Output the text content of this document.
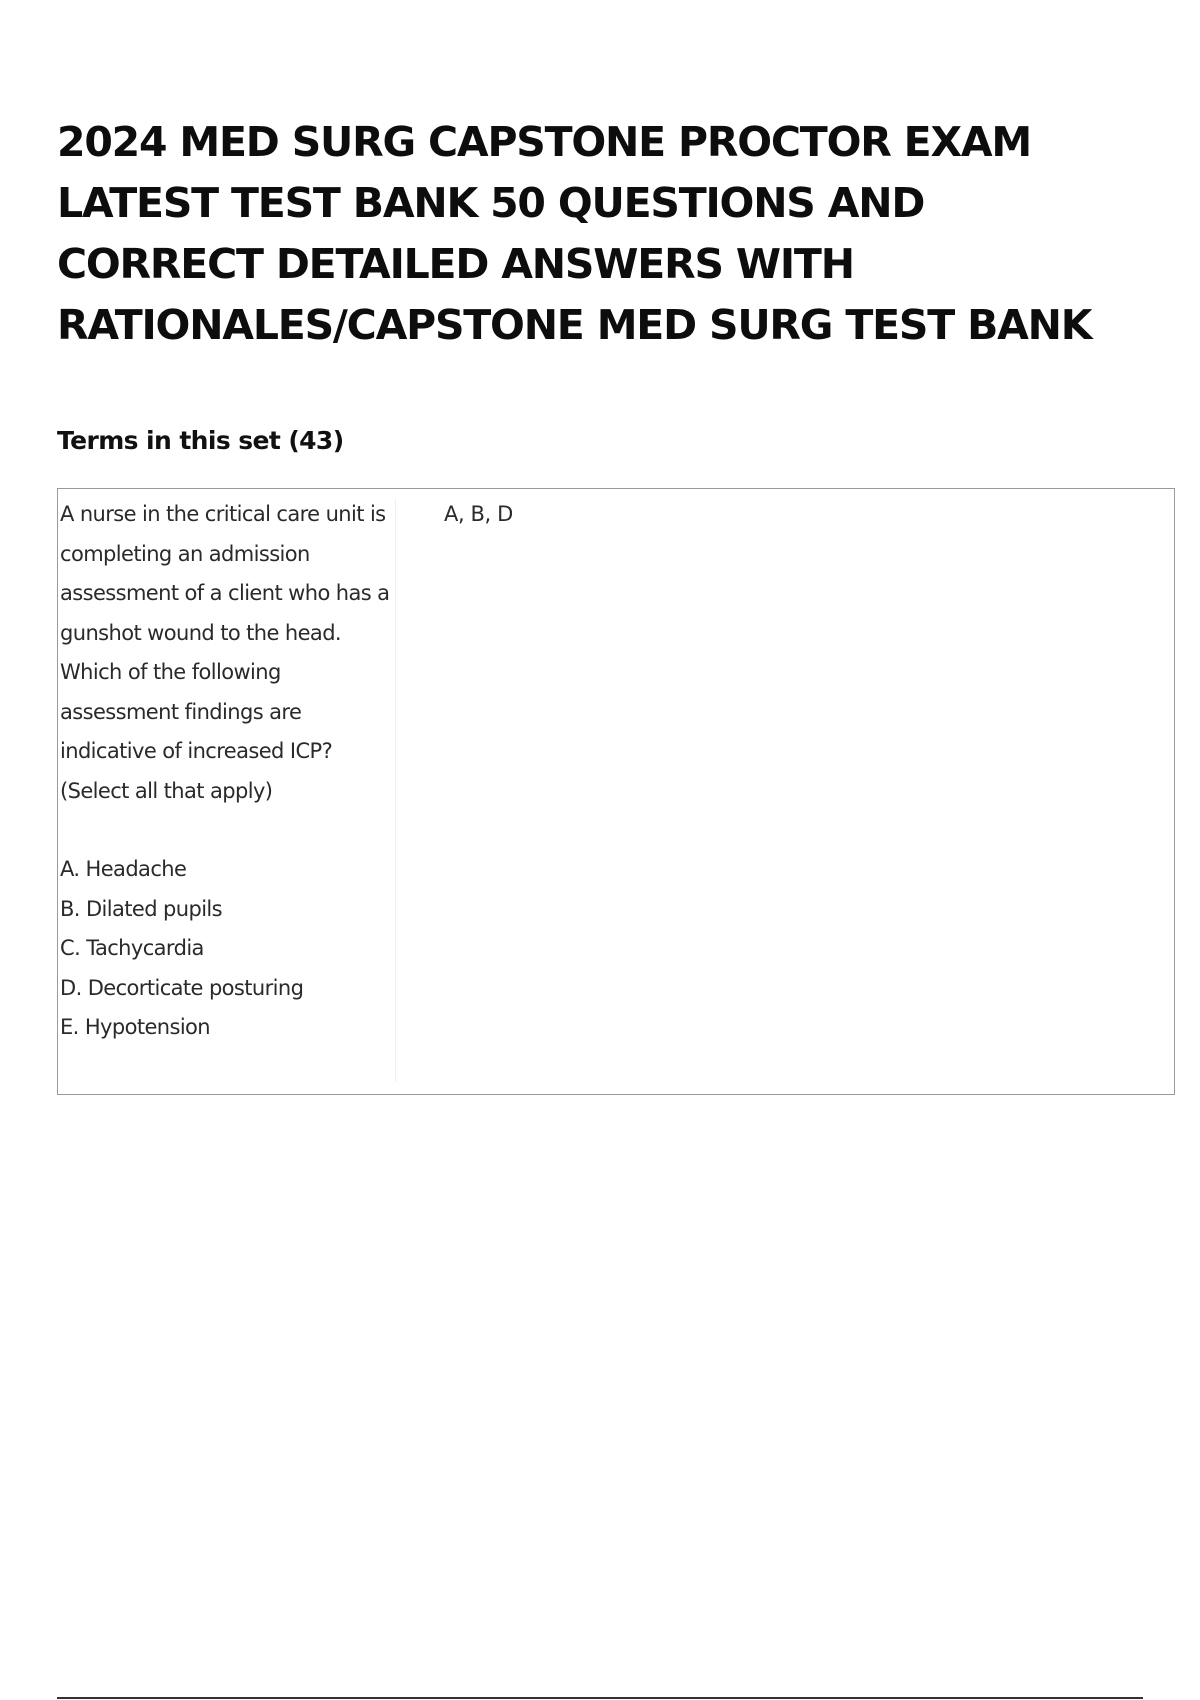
2024 MED SURG CAPSTONE PROCTOR EXAM
LATEST TEST BANK 50 QUESTIONS AND
CORRECT DETAILED ANSWERS WITH
RATIONALES/CAPSTONE MED SURG TEST BANK
Terms in this set (43)

A nurse in the critical care unit is completing an admission assessment of a client who has a gunshot wound to the head. Which of the following assessment findings are indicative of increased ICP? (Select all that apply)

A. Headache
B. Dilated pupils
C. Tachycardia
D. Decorticate posturing
E. Hypotension
A, B, D
